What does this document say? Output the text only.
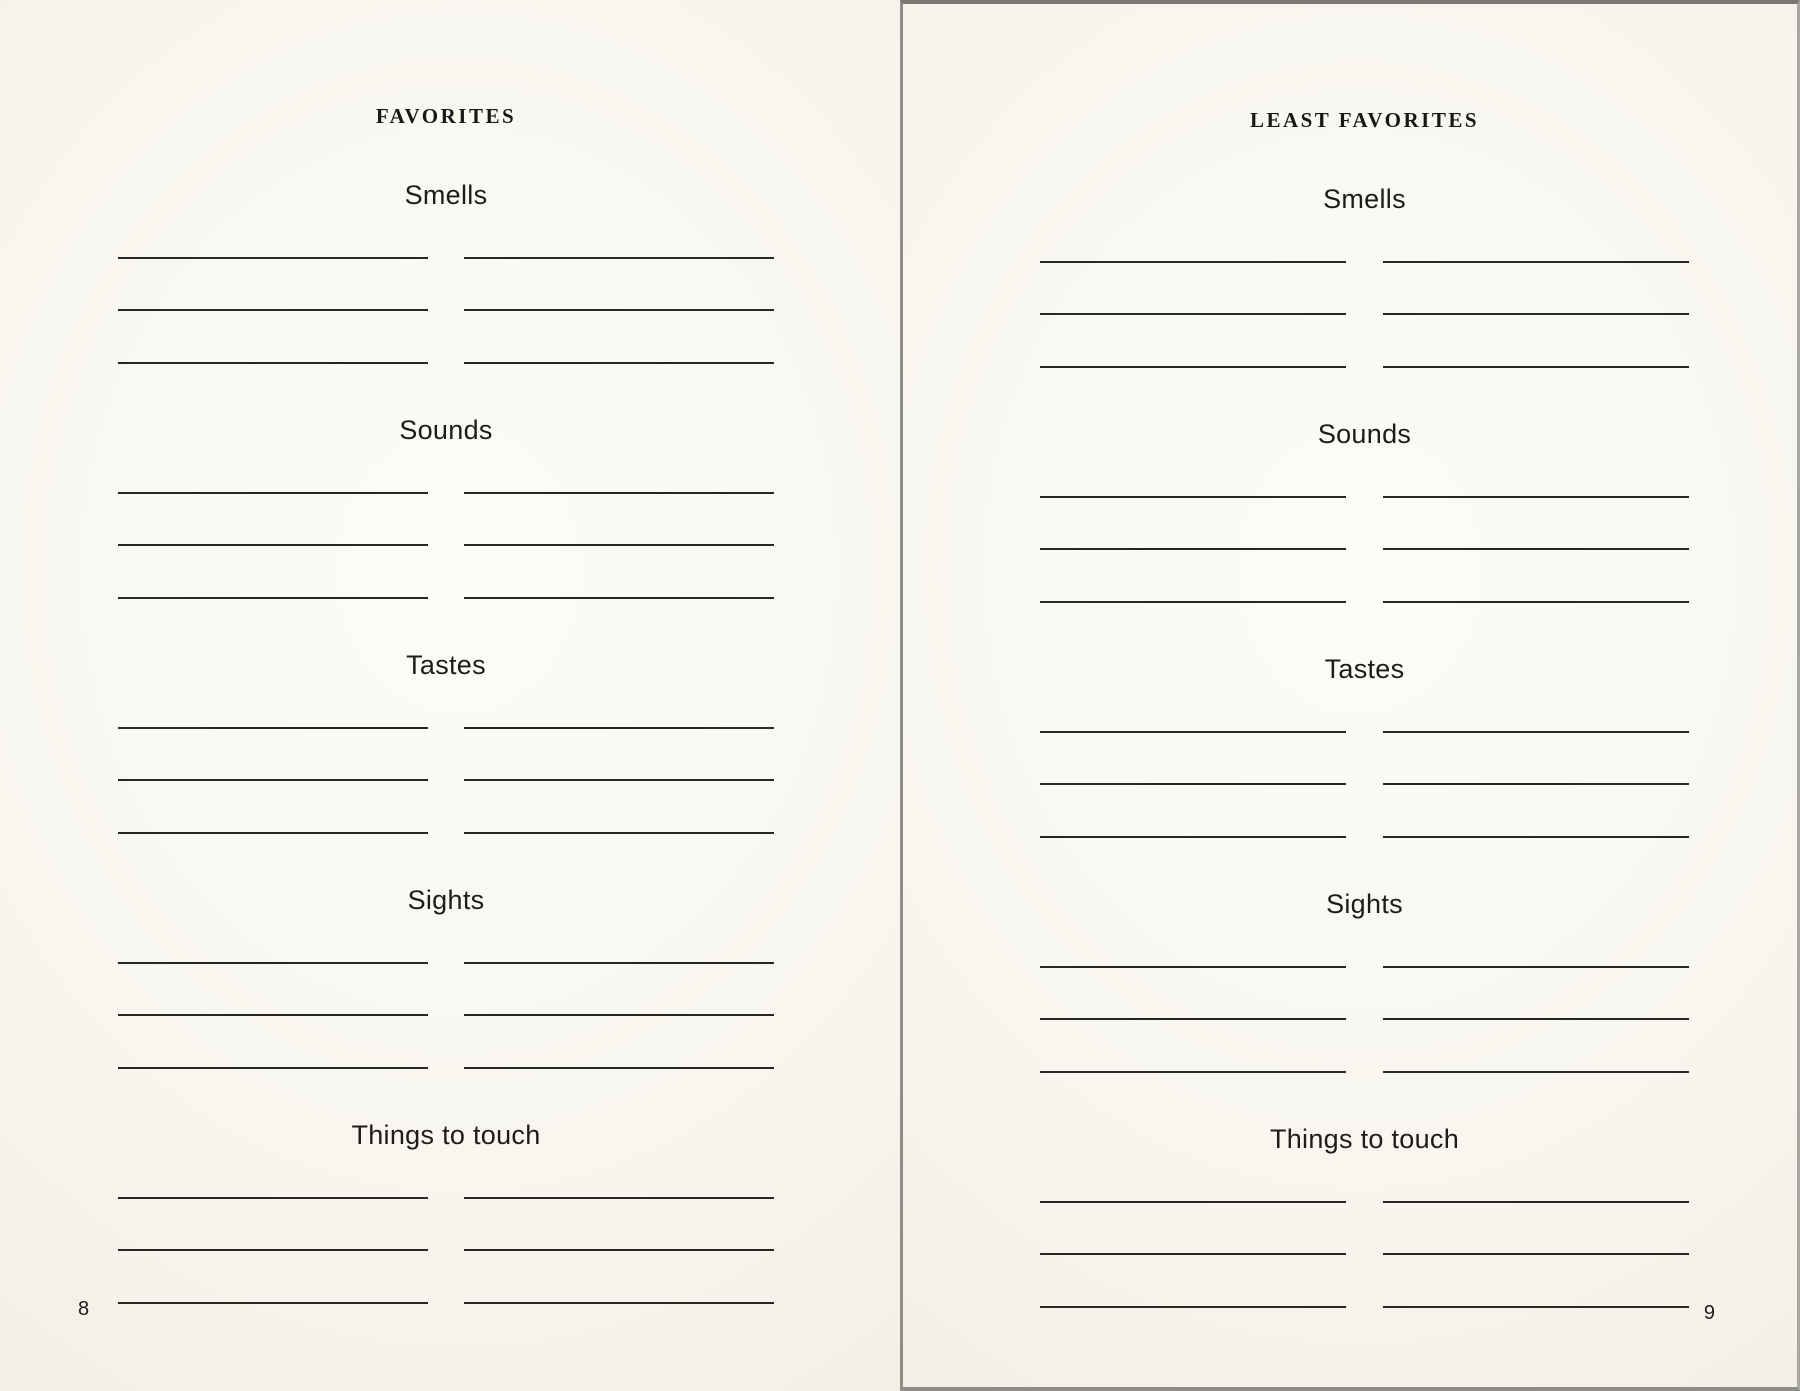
FAVORITES
Smells
Sounds
Tastes
Sights
Things to touch
8
LEAST FAVORITES
Smells
Sounds
Tastes
Sights
Things to touch
9
